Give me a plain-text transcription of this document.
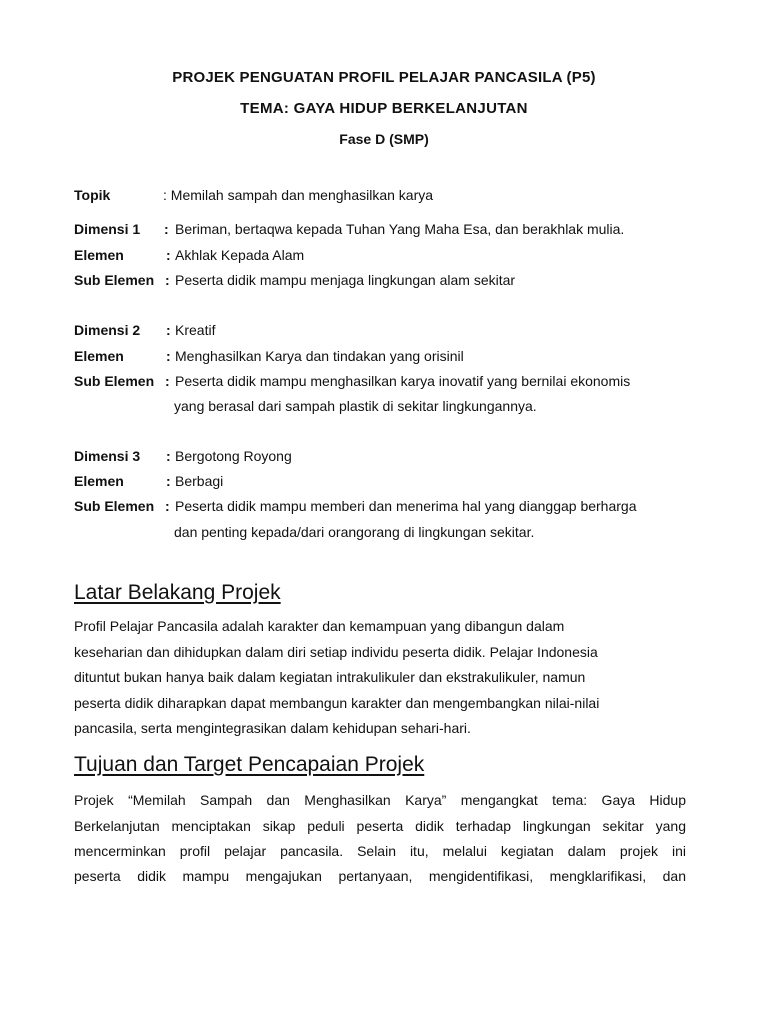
PROJEK PENGUATAN PROFIL PELAJAR PANCASILA (P5)
TEMA: GAYA HIDUP BERKELANJUTAN
Fase D (SMP)
Topik	: Memilah sampah dan menghasilkan karya
Dimensi 1 : Beriman, bertaqwa kepada Tuhan Yang Maha Esa, dan berakhlak mulia.
Elemen	: Akhlak Kepada Alam
Sub Elemen : Peserta didik mampu menjaga lingkungan alam sekitar
Dimensi 2 : Kreatif
Elemen	: Menghasilkan Karya dan tindakan yang orisinil
Sub Elemen : Peserta didik mampu menghasilkan karya inovatif yang bernilai ekonomis
yang berasal dari sampah plastik di sekitar lingkungannya.
Dimensi 3 : Bergotong Royong
Elemen	: Berbagi
Sub Elemen : Peserta didik mampu memberi dan menerima hal yang dianggap berharga
dan penting kepada/dari orangorang di lingkungan sekitar.
Latar Belakang Projek
Profil Pelajar Pancasila adalah karakter dan kemampuan yang dibangun dalam
keseharian dan dihidupkan dalam diri setiap individu peserta didik. Pelajar Indonesia
dituntut bukan hanya baik dalam kegiatan intrakulikuler dan ekstrakulikuler, namun
peserta didik diharapkan dapat membangun karakter dan mengembangkan nilai-nilai
pancasila, serta mengintegrasikan dalam kehidupan sehari-hari.
Tujuan dan Target Pencapaian Projek
Projek “Memilah Sampah dan Menghasilkan Karya” mengangkat tema: Gaya Hidup
Berkelanjutan menciptakan sikap peduli peserta didik terhadap lingkungan sekitar yang
mencerminkan profil pelajar pancasila. Selain itu, melalui kegiatan dalam projek ini
peserta didik mampu mengajukan pertanyaan, mengidentifikasi, mengklarifikasi, dan
